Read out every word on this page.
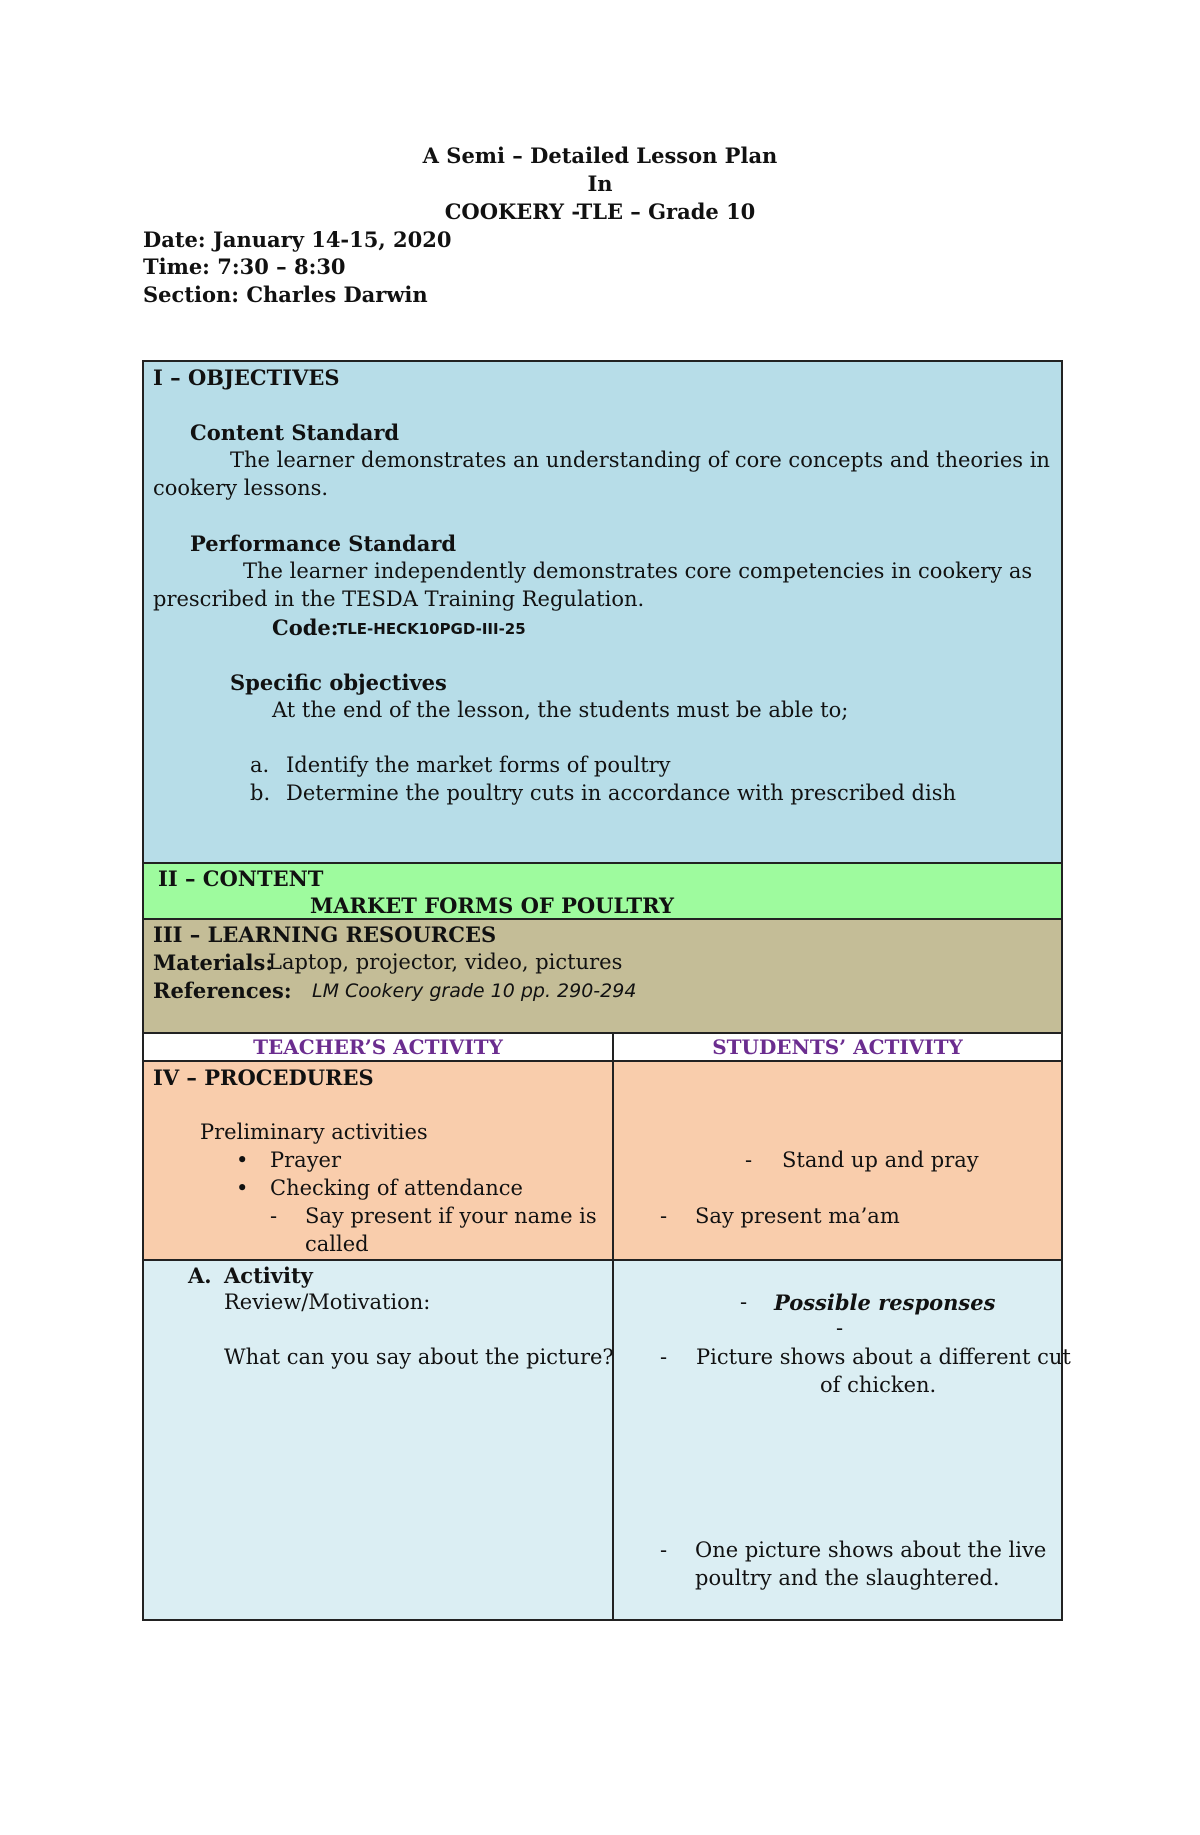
A Semi – Detailed Lesson Plan
In
COOKERY -TLE – Grade 10
Date: January 14-15, 2020
Time: 7:30 – 8:30
Section: Charles Darwin
I – OBJECTIVES
Content Standard
The learner demonstrates an understanding of core concepts and theories in
cookery lessons.
Performance Standard
The learner independently demonstrates core competencies in cookery as
prescribed in the TESDA Training Regulation.
Code:
TLE-HECK10PGD-III-25
Specific objectives
At the end of the lesson, the students must be able to;
a. Identify the market forms of poultry
b. Determine the poultry cuts in accordance with prescribed dish
II – CONTENT
MARKET FORMS OF POULTRY
III – LEARNING RESOURCES
Materials:
Laptop, projector, video, pictures
References: LM Cookery grade 10 pp. 290-294
TEACHER’S ACTIVITY	STUDENTS’ ACTIVITY
IV – PROCEDURES
Preliminary activities
• Prayer
• Checking of attendance
- Say present if your name is
called
- Stand up and pray
- Say present ma’am
A. Activity
Review/Motivation:
What can you say about the picture?
- Possible responses
-
- Picture shows about a different cut
of chicken.
- One picture shows about the live
poultry and the slaughtered.
